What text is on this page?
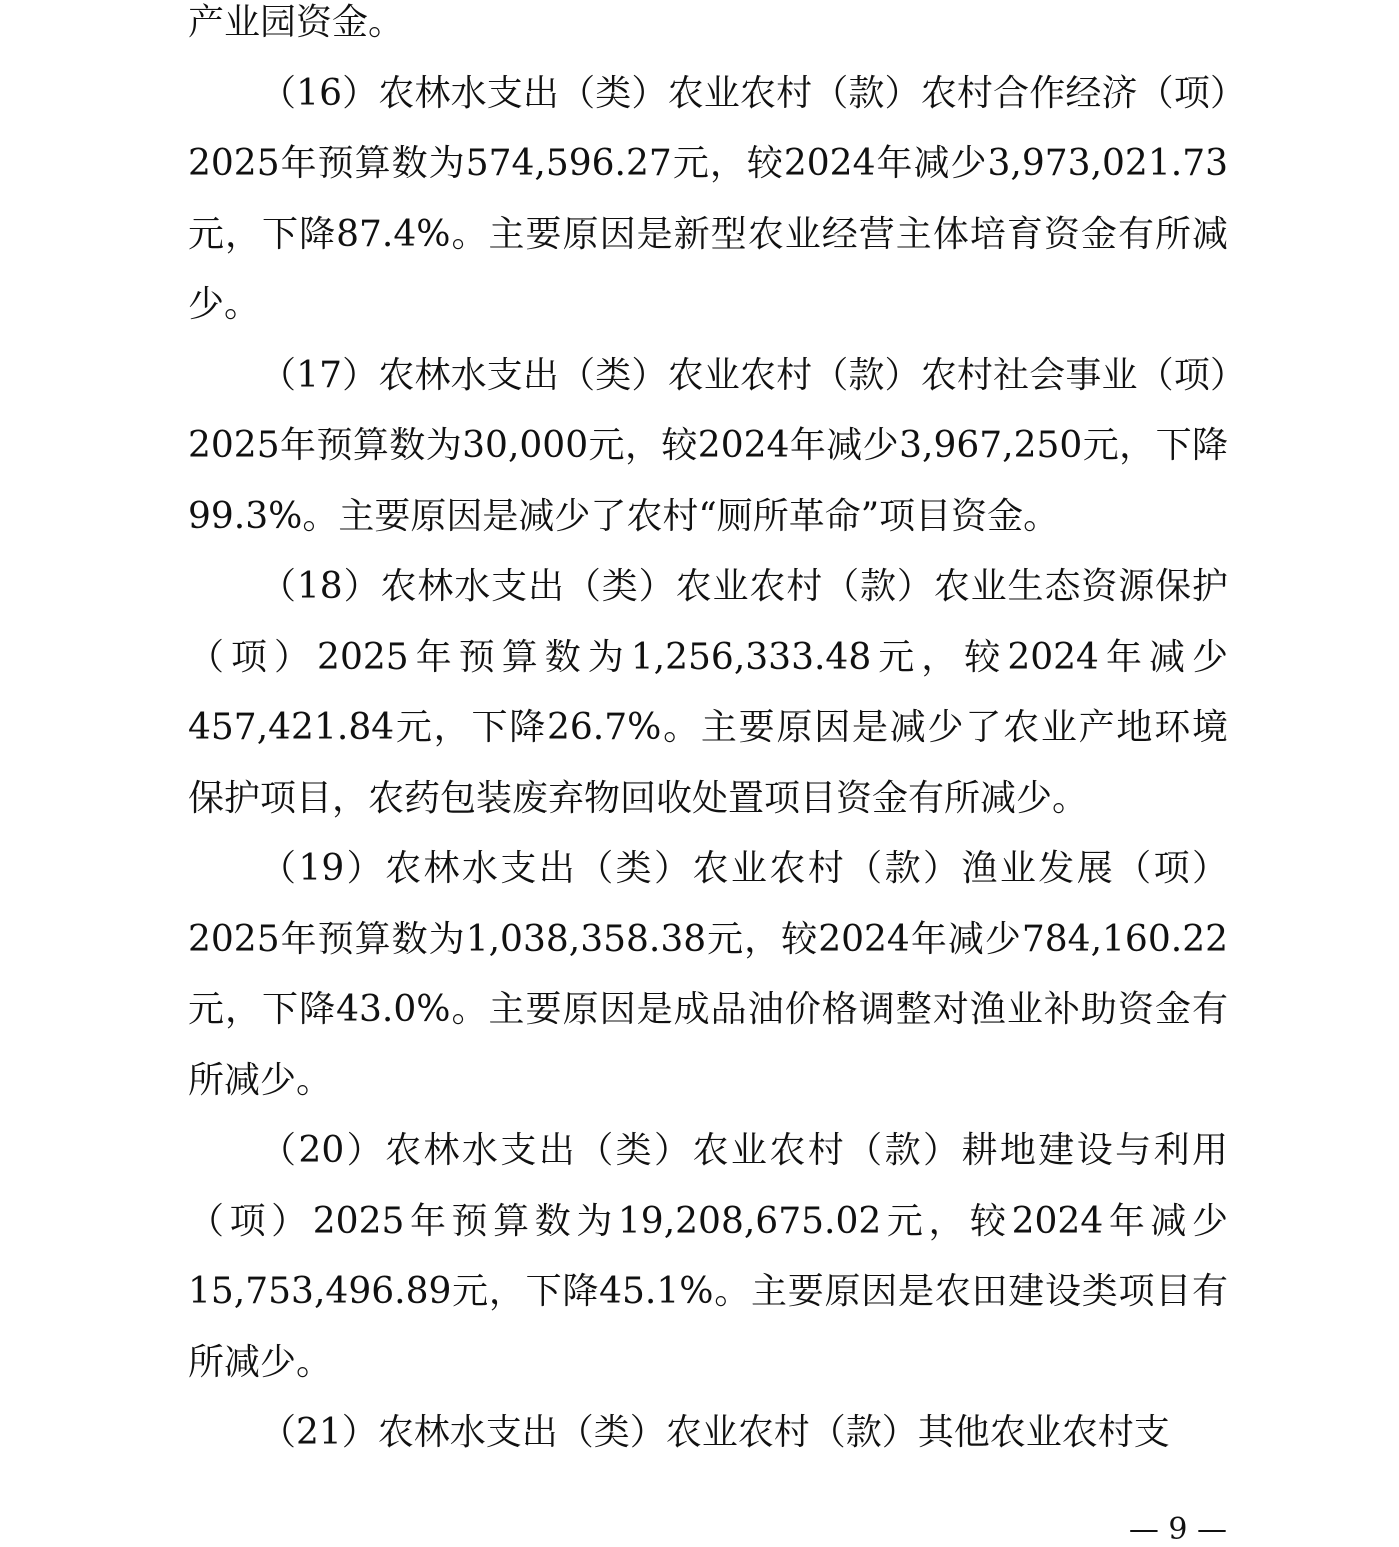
产业园资金。

（16）农林水支出（类）农业农村（款）农村合作经济（项）2025年预算数为574,596.27元，较2024年减少3,973,021.73元，下降87.4%。主要原因是新型农业经营主体培育资金有所减少。

（17）农林水支出（类）农业农村（款）农村社会事业（项）2025年预算数为30,000元，较2024年减少3,967,250元，下降99.3%。主要原因是减少了农村“厕所革命”项目资金。

（18）农林水支出（类）农业农村（款）农业生态资源保护（项）2025年预算数为1,256,333.48元，较2024年减少457,421.84元，下降26.7%。主要原因是减少了农业产地环境保护项目，农药包装废弃物回收处置项目资金有所减少。

（19）农林水支出（类）农业农村（款）渔业发展（项）2025年预算数为1,038,358.38元，较2024年减少784,160.22元，下降43.0%。主要原因是成品油价格调整对渔业补助资金有所减少。

（20）农林水支出（类）农业农村（款）耕地建设与利用（项）2025年预算数为19,208,675.02元，较2024年减少15,753,496.89元，下降45.1%。主要原因是农田建设类项目有所减少。

（21）农林水支出（类）农业农村（款）其他农业农村支

— 9 —
